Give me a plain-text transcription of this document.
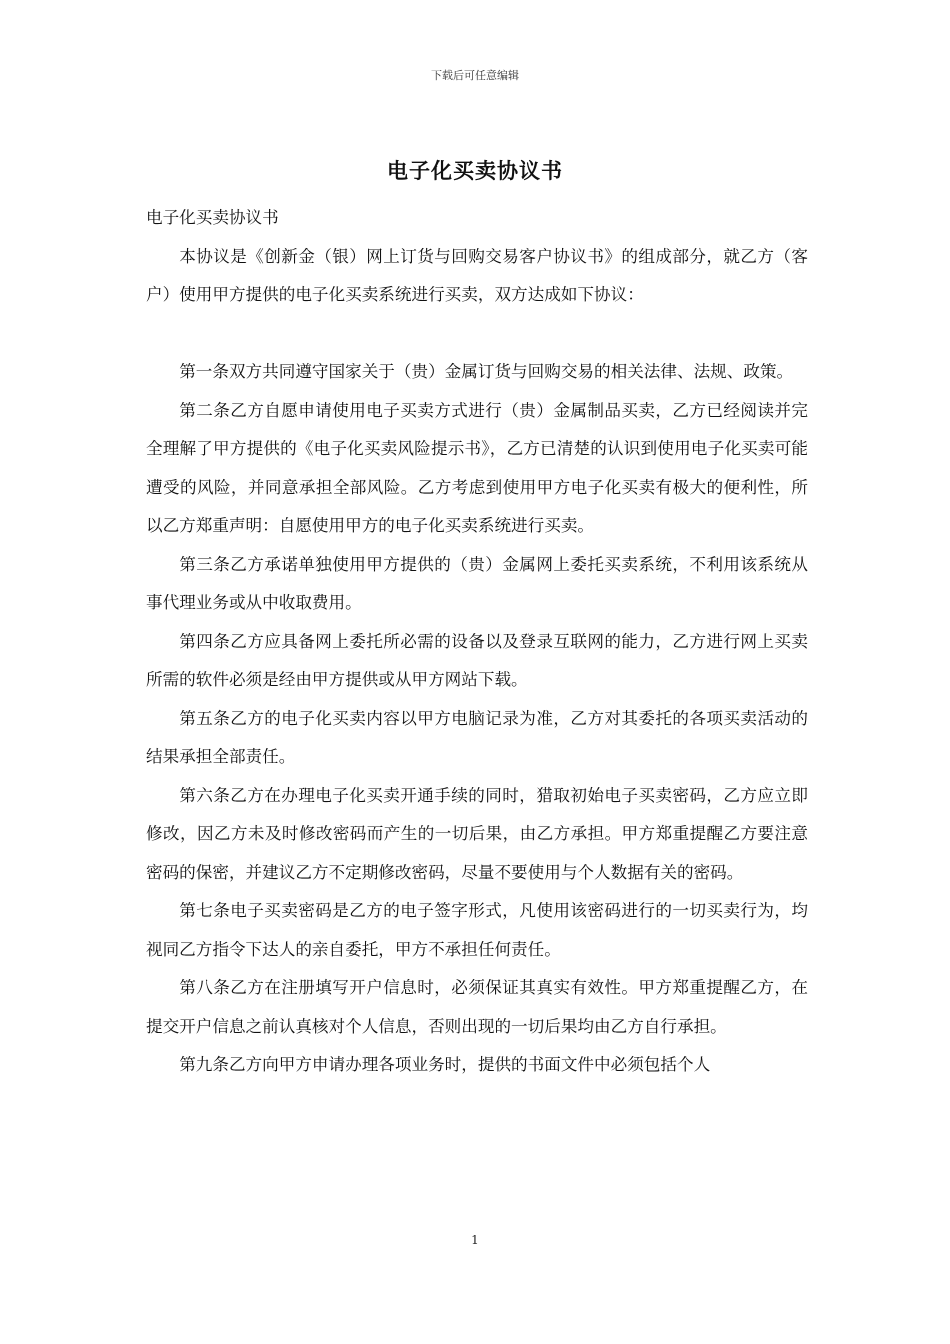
下载后可任意编辑
电子化买卖协议书

电子化买卖协议书

本协议是《创新金（银）网上订货与回购交易客户协议书》的组成部分，就乙方（客户）使用甲方提供的电子化买卖系统进行买卖，双方达成如下协议：

第一条双方共同遵守国家关于（贵）金属订货与回购交易的相关法律、法规、政策。

第二条乙方自愿申请使用电子买卖方式进行（贵）金属制品买卖，乙方已经阅读并完全理解了甲方提供的《电子化买卖风险提示书》，乙方已清楚的认识到使用电子化买卖可能遭受的风险，并同意承担全部风险。乙方考虑到使用甲方电子化买卖有极大的便利性，所以乙方郑重声明：自愿使用甲方的电子化买卖系统进行买卖。

第三条乙方承诺单独使用甲方提供的（贵）金属网上委托买卖系统，不利用该系统从事代理业务或从中收取费用。

第四条乙方应具备网上委托所必需的设备以及登录互联网的能力，乙方进行网上买卖所需的软件必须是经由甲方提供或从甲方网站下载。

第五条乙方的电子化买卖内容以甲方电脑记录为准，乙方对其委托的各项买卖活动的结果承担全部责任。

第六条乙方在办理电子化买卖开通手续的同时，猎取初始电子买卖密码，乙方应立即修改，因乙方未及时修改密码而产生的一切后果，由乙方承担。甲方郑重提醒乙方要注意密码的保密，并建议乙方不定期修改密码，尽量不要使用与个人数据有关的密码。

第七条电子买卖密码是乙方的电子签字形式，凡使用该密码进行的一切买卖行为，均视同乙方指令下达人的亲自委托，甲方不承担任何责任。

第八条乙方在注册填写开户信息时，必须保证其真实有效性。甲方郑重提醒乙方，在提交开户信息之前认真核对个人信息，否则出现的一切后果均由乙方自行承担。

第九条乙方向甲方申请办理各项业务时，提供的书面文件中必须包括个人

1
